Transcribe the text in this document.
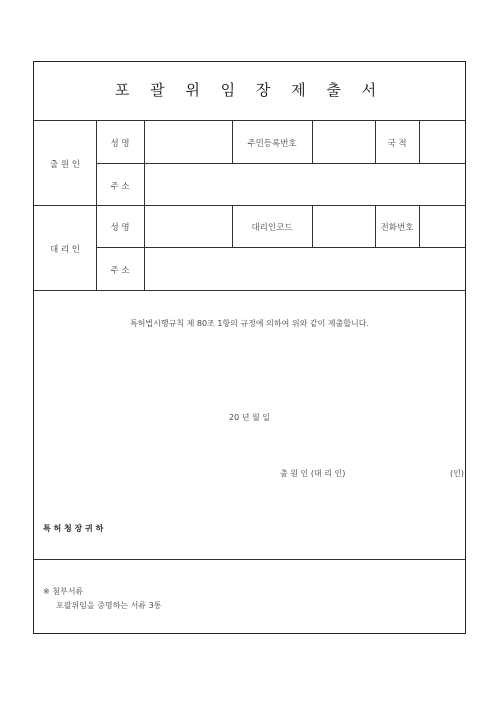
포 괄 위 임 장 제 출 서
출 원 인
성 명	주민등록번호	국 적
주 소
대 리 인
성 명	대리인코드	전화번호
주 소
특허법시행규칙 제 80조 1항의 규정에 의하여 위와 같이 제출합니다.
20 년 월 일
출 원 인 (대 리 인)	(인)
특 허 청 장 귀 하
※ 첨부서류
포괄위임을 증명하는 서류 3통
